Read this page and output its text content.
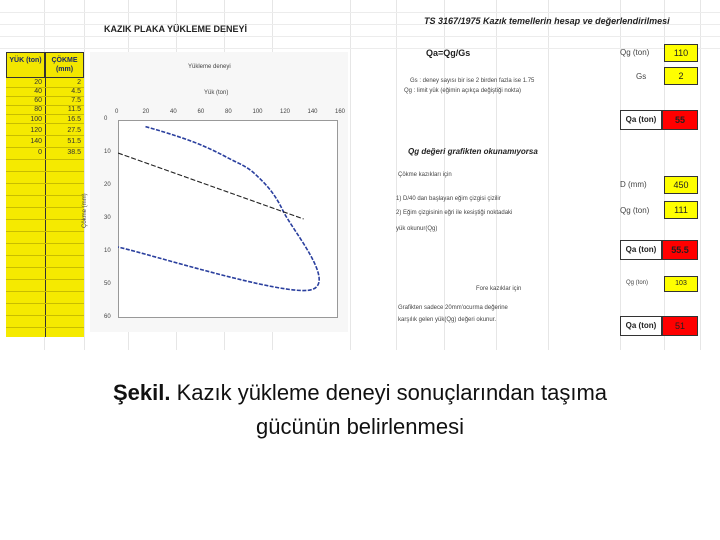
KAZIK PLAKA YÜKLEME DENEYİ
TS 3167/1975 Kazık temellerin hesap ve değerlendirilmesi
YÜK (ton)	ÇÖKME (mm)
20	2
40	4.5
60	7.5
80	11.5
100	16.5
120	27.5
140	51.5
0	38.5
Yükleme deneyi
Yük (ton)
Çökme (mm)
0	20	40	60	80	100	120	140	160
0
10
20
30
10
50
60
Qa=Qg/Gs	Qg (ton)	110
Gs	2
Gs : deney sayısı bir ise 2 birden fazla ise 1.75
Qg : limit yük (eğimin açıkça değiştiği nokta)
Qa (ton)	55
Qg değeri grafikten okunamıyorsa
Çökme kazıkları için
D (mm)	450
1) D/40 dan başlayan eğim çizgisi çizilir
2) Eğim çizgisinin eğri ile kesiştiği noktadaki
yük okunur(Qg)
Qg (ton)	111
Qa (ton)	55.5
Fore kazıklar için
Qg (ton)	103
Grafikten sadece 20mm'ocurma değerine
karşılık gelen yük(Qg) değeri okunur.
Qa (ton)	51
Şekil. Kazık yükleme deneyi sonuçlarından taşıma
gücünün belirlenmesi
